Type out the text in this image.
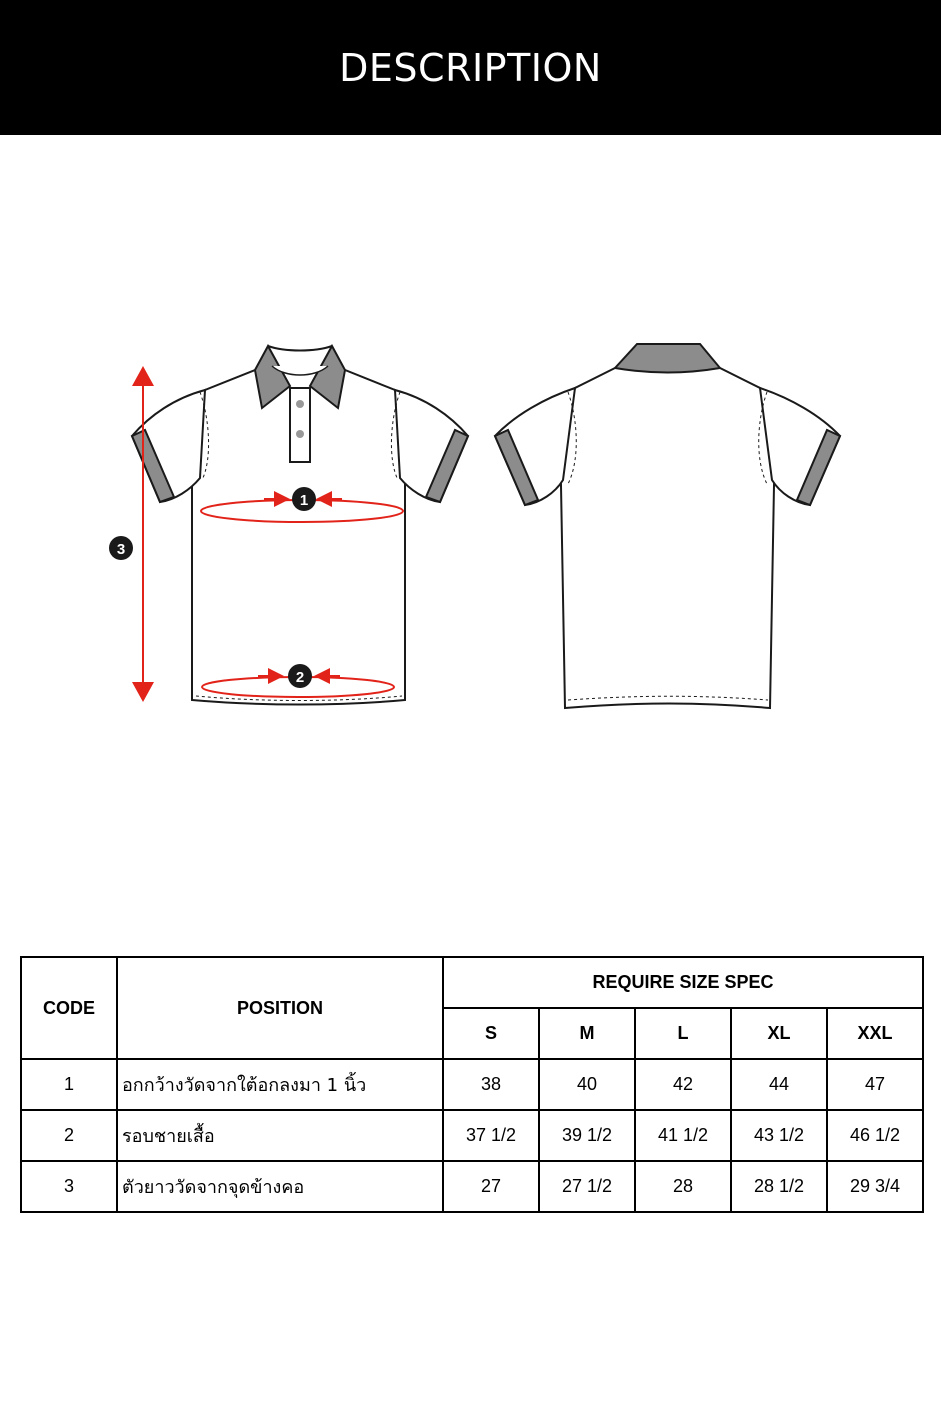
DESCRIPTION
1
2
3
CODE	POSITION	REQUIRE SIZE SPEC				
		S	M	L	XL	XXL
1	อกกว้างวัดจากใต้อกลงมา 1 นิ้ว	38	40	42	44	47
2	รอบชายเสื้อ	37 1/2	39 1/2	41 1/2	43 1/2	46 1/2
3	ตัวยาววัดจากจุดข้างคอ	27	27 1/2	28	28 1/2	29 3/4
